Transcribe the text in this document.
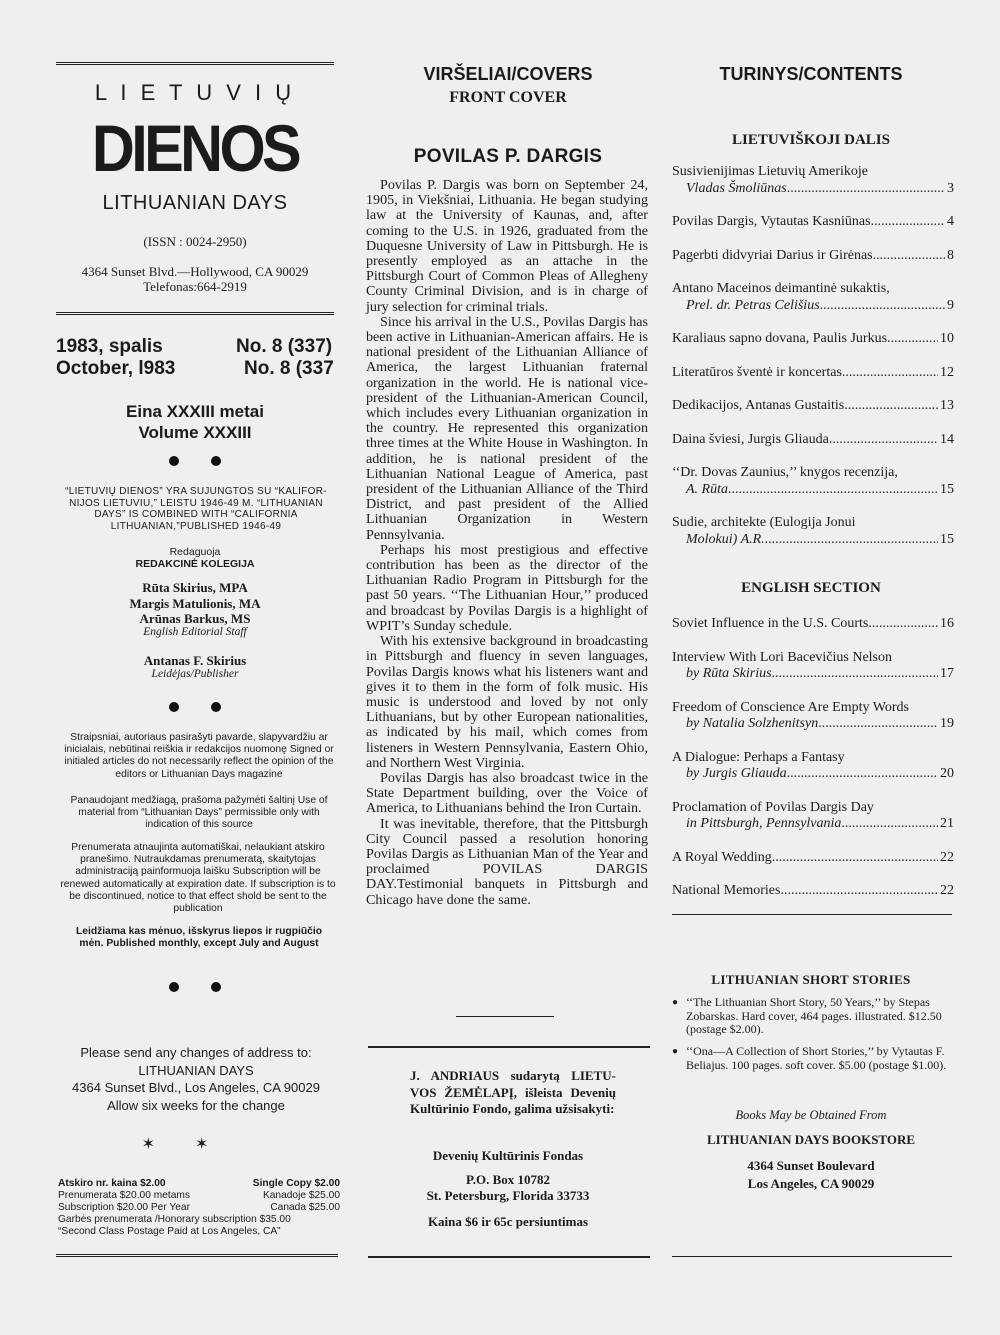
L I E T U V I Ų
DIENOS
LITHUANIAN DAYS
(ISSN : 0024-2950)
4364 Sunset Blvd.—Hollywood, CA 90029
Telefonas:664-2919
1983, spalis	No. 8 (337)
October, l983	No. 8 (337
Eina XXXIII metai
Volume XXXIII
“LIETUVIŲ DIENOS” YRA SUJUNGTOS SU “KALIFOR-NIJOS LIETUVIU,” LEISTU 1946-49 M. “LITHUANIAN DAYS” IS COMBINED WITH “CALIFORNIA LITHUANIAN,”PUBLISHED 1946-49
Redaguoja
REDAKCINĖ KOLEGIJA
Rūta Skirius, MPA
Margis Matulionis, MA
Arūnas Barkus, MS
English Editorial Staff
Antanas F. Skirius
Leidėjas/Publisher
Straipsniai, autoriaus pasirašyti pavarde, slapyvardžiu ar inicialais, nebūtinai reiškia ir redakcijos nuomonę Signed or initialed articles do not necessarily reflect the opinion of the editors or Lithuanian Days magazine
Panaudojant medžiagą, prašoma pažymėti šaltinį Use of material from “Lithuanian Days” permissible only with indication of this source
Prenumerata atnaujinta automatiškai, nelaukiant atskiro pranešimo. Nutraukdamas prenumeratą, skaitytojas administraciją painformuoja laišku Subscription will be renewed automatically at expiration date. If subscription is to be discontinued, notice to that effect shold be sent to the publication
Leidžiama kas mėnuo, išskyrus liepos ir rugpiūčio mėn. Published monthly, except July and August
Please send any changes of address to:
LITHUANIAN DAYS
4364 Sunset Blvd., Los Angeles, CA 90029
Allow six weeks for the change
✶✶
Atskiro nr. kaina $2.00	Single Copy $2.00
Prenumerata $20.00 metams	Kanadoje $25.00
Subscription $20.00 Per Year	Canada $25.00
Garbės prenumerata /Honorary subscription $35.00
“Second Class Postage Paid at Los Angeles, CA”
VIRŠELIAI/COVERS
FRONT COVER
POVILAS P. DARGIS

Povilas P. Dargis was born on September 24, 1905, in Viekšniai, Lithuania. He began studying law at the University of Kaunas, and, after coming to the U.S. in 1926, graduated from the Duquesne University of Law in Pittsburgh. He is presently employed as an attache in the Pittsburgh Court of Common Pleas of Allegheny County Criminal Division, and is in charge of jury selection for criminal trials.

Since his arrival in the U.S., Povilas Dargis has been active in Lithuanian-American affairs. He is national president of the Lithuanian Alliance of America, the largest Lithuanian fraternal organization in the world. He is national vice-president of the Lithuanian-American Council, which includes every Lithuanian organization in the country. He represented this organization three times at the White House in Washington. In addition, he is national president of the Lithuanian National League of America, past president of the Lithuanian Alliance of the Third District, and past president of the Allied Lithuanian Organization in Western Pennsylvania.

Perhaps his most prestigious and effective contribution has been as the director of the Lithuanian Radio Program in Pittsburgh for the past 50 years. ‘‘The Lithuanian Hour,’’ produced and broadcast by Povilas Dargis is a highlight of WPIT’s Sunday schedule.

With his extensive background in broadcasting in Pittsburgh and fluency in seven languages, Povilas Dargis knows what his listeners want and gives it to them in the form of folk music. His music is understood and loved by not only Lithuanians, but by other European nationalities, as indicated by his mail, which comes from listeners in Western Pennsylvania, Eastern Ohio, and Northern West Virginia.

Povilas Dargis has also broadcast twice in the State Department building, over the Voice of America, to Lithuanians behind the Iron Curtain.

It was inevitable, therefore, that the Pittsburgh City Council passed a resolution honoring Povilas Dargis as Lithuanian Man of the Year and proclaimed POVILAS DARGIS DAY.Testimonial banquets in Pittsburgh and Chicago have done the same.

J. ANDRIAUS sudarytą LIETU-VOS ŽEMĖLAPĮ, išleista Devenių Kultūrinio Fondo, galima užsisakyti:
Devenių Kultūrinis Fondas
P.O. Box 10782
St. Petersburg, Florida 33733
Kaina $6 ir 65c persiuntimas
TURINYS/CONTENTS
LIETUVIŠKOJI DALIS
Susivienijimas Lietuvių Amerikoje
Vladas Šmoliūnas .....	3
Povilas Dargis, Vytautas Kasniūnas .....	4
Pagerbti didvyriai Darius ir Girėnas .....	8
Antano Maceinos deimantinė sukaktis,
Prel. dr. Petras Celišius .....	9
Karaliaus sapno dovana, Paulis Jurkus .....	10
Literatūros šventė ir koncertas .....	12
Dedikacijos, Antanas Gustaitis .....	13
Daina šviesi, Jurgis Gliauda .....	14
‘‘Dr. Dovas Zaunius,’’ knygos recenzija,
A. Rūta .....	15
Sudie, architekte (Eulogija Jonui
Molokui) A.R. .....	15
ENGLISH SECTION
Soviet Influence in the U.S. Courts .....	16
Interview With Lori Bacevičius Nelson
by Rūta Skirius .....	17
Freedom of Conscience Are Empty Words
by Natalia Solzhenitsyn .....	19
A Dialogue: Perhaps a Fantasy
by Jurgis Gliauda .....	20
Proclamation of Povilas Dargis Day
in Pittsburgh, Pennsylvania .....	21
A Royal Wedding .....	22
National Memories .....	22
LITHUANIAN SHORT STORIES
● ‘‘The Lithuanian Short Story, 50 Years,’’ by Stepas Zobarskas. Hard cover, 464 pages. illustrated. $12.50 (postage $2.00).
● ‘‘Ona—A Collection of Short Stories,’’ by Vytautas F. Beliajus. 100 pages. soft cover. $5.00 (postage $1.00).
Books May be Obtained From
LITHUANIAN DAYS BOOKSTORE
4364 Sunset Boulevard
Los Angeles, CA 90029
